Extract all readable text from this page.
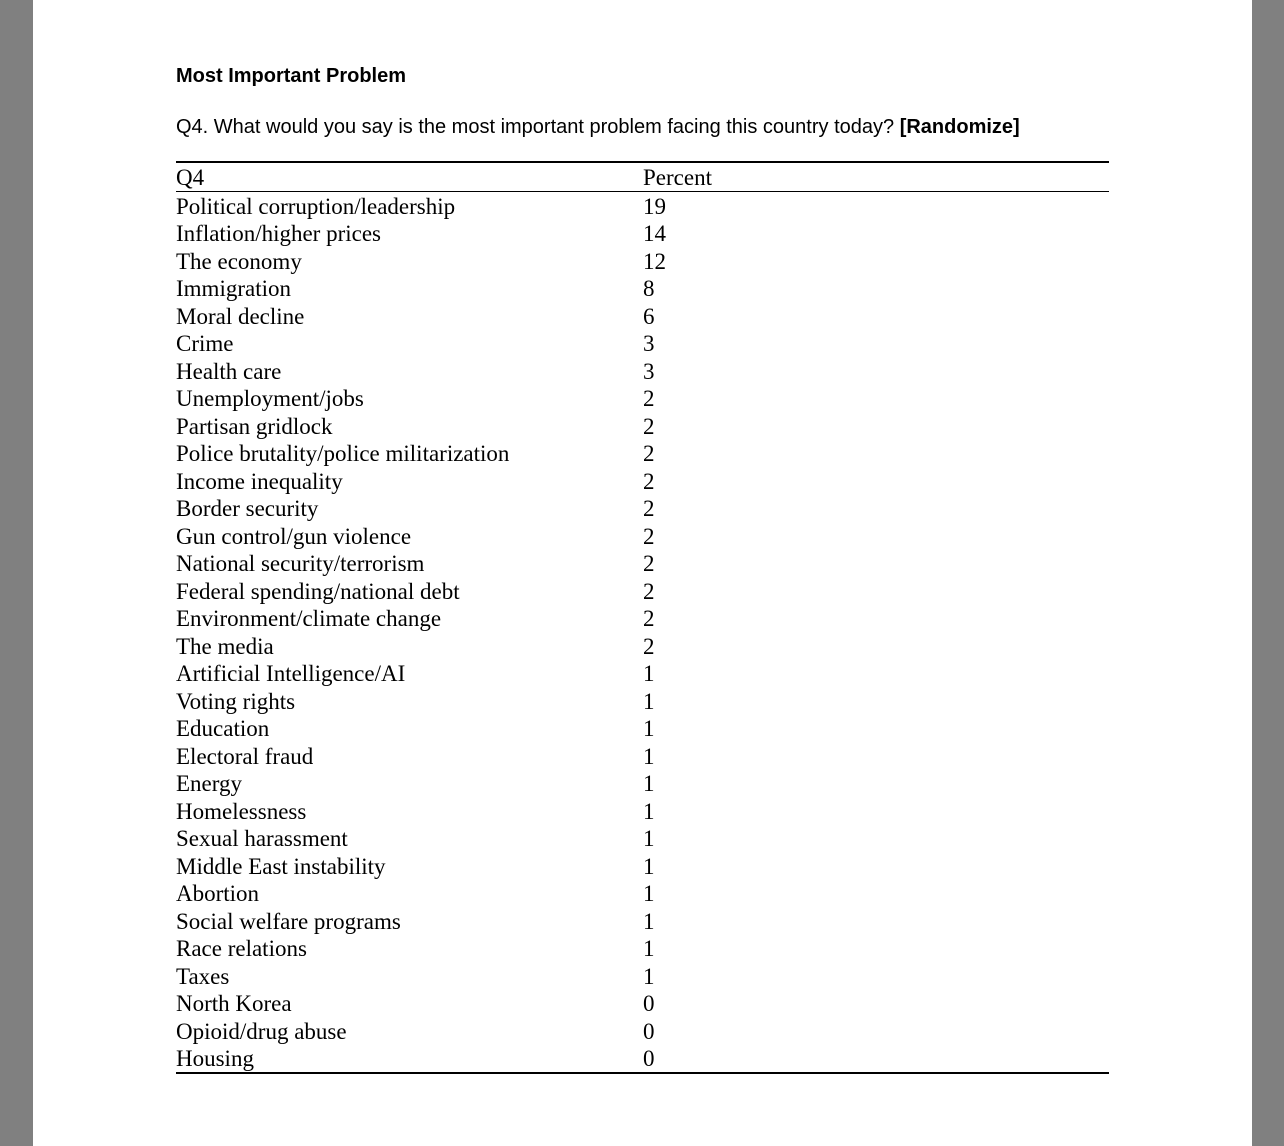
Most Important Problem
Q4. What would you say is the most important problem facing this country today? [Randomize]
Q4	Percent
Political corruption/leadership	19
Inflation/higher prices	14
The economy	12
Immigration	8
Moral decline	6
Crime	3
Health care	3
Unemployment/jobs	2
Partisan gridlock	2
Police brutality/police militarization	2
Income inequality	2
Border security	2
Gun control/gun violence	2
National security/terrorism	2
Federal spending/national debt	2
Environment/climate change	2
The media	2
Artificial Intelligence/AI	1
Voting rights	1
Education	1
Electoral fraud	1
Energy	1
Homelessness	1
Sexual harassment	1
Middle East instability	1
Abortion	1
Social welfare programs	1
Race relations	1
Taxes	1
North Korea	0
Opioid/drug abuse	0
Housing	0
